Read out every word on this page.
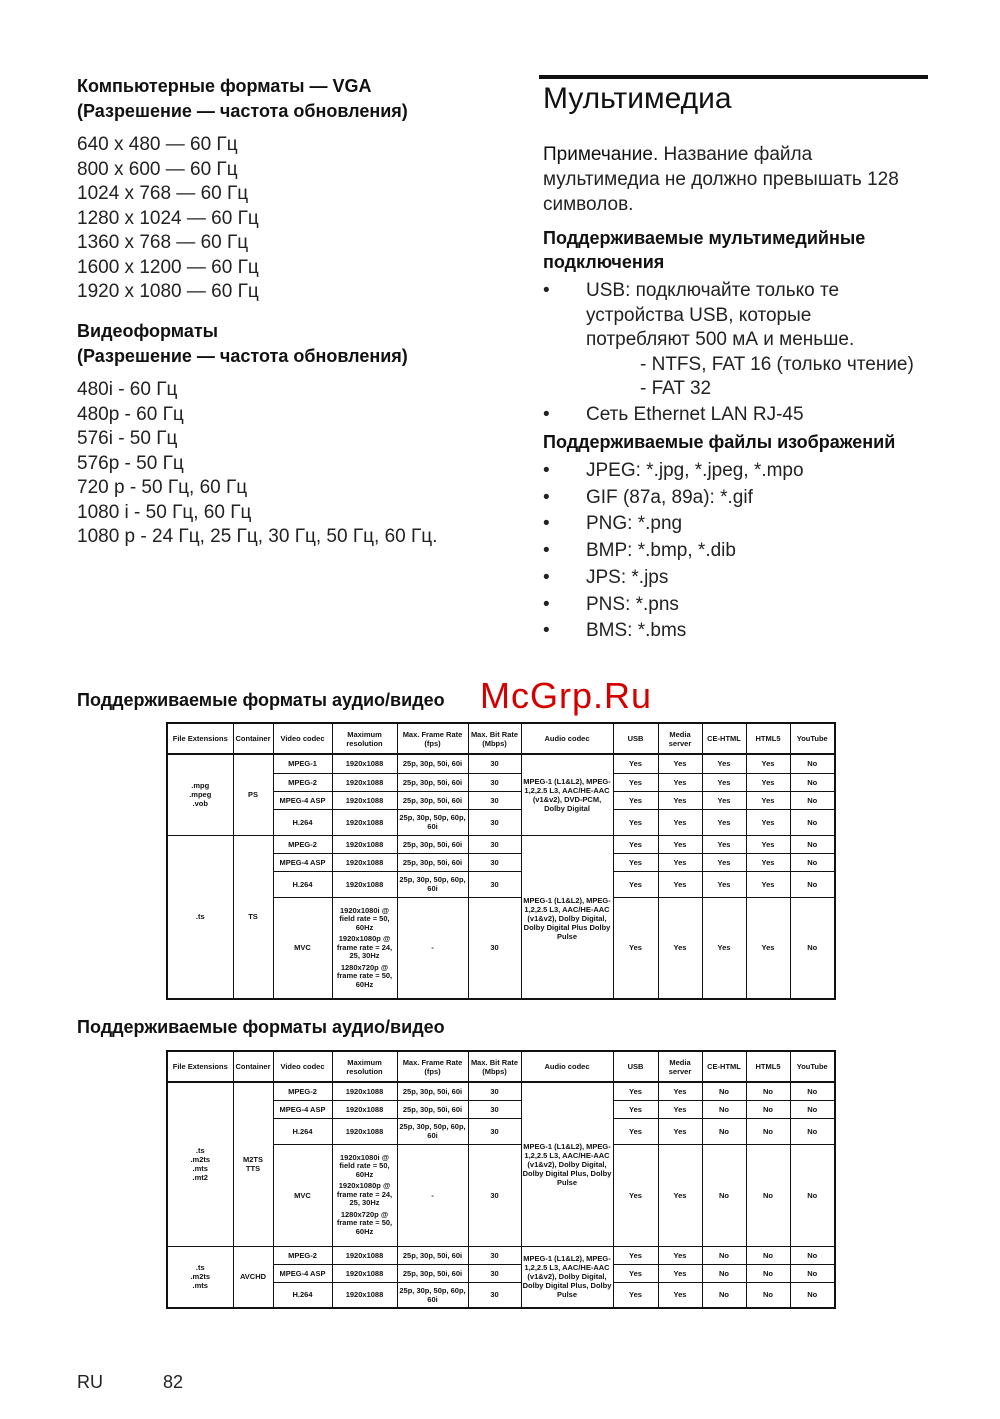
Компьютерные форматы — VGA
(Разрешение — частота обновления)
640 x 480 — 60 Гц
800 x 600 — 60 Гц
1024 x 768 — 60 Гц
1280 x 1024 — 60 Гц
1360 x 768 — 60 Гц
1600 x 1200 — 60 Гц
1920 x 1080 — 60 Гц
Видеоформаты
(Разрешение — частота обновления)
480i - 60 Гц
480p - 60 Гц
576i - 50 Гц
576p - 50 Гц
720 p - 50 Гц, 60 Гц
1080 i - 50 Гц, 60 Гц
1080 p - 24 Гц, 25 Гц, 30 Гц, 50 Гц, 60 Гц.
Мультимедиа
Примечание. Название файла мультимедиа не должно превышать 128 символов.
Поддерживаемые мультимедийные подключения
• USB: подключайте только те
устройства USB, которые
потребляют 500 мА и меньше.
- NTFS, FAT 16 (только чтение)
- FAT 32
• Сеть Ethernet LAN RJ-45
Поддерживаемые файлы изображений
• JPEG: *.jpg, *.jpeg, *.mpo
• GIF (87a, 89a): *.gif
• PNG: *.png
• BMP: *.bmp, *.dib
• JPS: *.jps
• PNS: *.pns
• BMS: *.bms
Поддерживаемые форматы аудио/видео
Поддерживаемые форматы аудио/видео
McGrp.Ru
RU	82
File Extensions	Container	Video codec	Maximum resolution	Max. Frame Rate (fps)	Max. Bit Rate (Mbps)	Audio codec	USB	Media server	CE-HTML	HTML5	YouTube
.mpg
.mpeg
.vob	PS	MPEG-1	1920x1088	25p, 30p, 50i, 60i	30	MPEG-1 (L1&L2), MPEG-1,2,2.5 L3, AAC/HE-AAC (v1&v2), DVD-PCM, Dolby Digital	Yes	Yes	Yes	Yes	No
		MPEG-2	1920x1088	25p, 30p, 50i, 60i	30		Yes	Yes	Yes	Yes	No
		MPEG-4 ASP	1920x1088	25p, 30p, 50i, 60i	30		Yes	Yes	Yes	Yes	No
		H.264	1920x1088	25p, 30p, 50p, 60p, 60i	30		Yes	Yes	Yes	Yes	No
.ts	TS	MPEG-2	1920x1088	25p, 30p, 50i, 60i	30	MPEG-1 (L1&L2), MPEG-1,2,2.5 L3, AAC/HE-AAC (v1&v2), Dolby Digital, Dolby Digital Plus Dolby Pulse	Yes	Yes	Yes	Yes	No
		MPEG-4 ASP	1920x1088	25p, 30p, 50i, 60i	30		Yes	Yes	Yes	Yes	No
		H.264	1920x1088	25p, 30p, 50p, 60p, 60i	30		Yes	Yes	Yes	Yes	No
		MVC	1920x1080i @ field rate = 50, 60Hz
1920x1080p @ frame rate = 24, 25, 30Hz
1280x720p @ frame rate = 50, 60Hz	-	30		Yes	Yes	Yes	Yes	No
File Extensions	Container	Video codec	Maximum resolution	Max. Frame Rate (fps)	Max. Bit Rate (Mbps)	Audio codec	USB	Media server	CE-HTML	HTML5	YouTube
.ts
.m2ts
.mts
.mt2	M2TS
TTS	MPEG-2	1920x1088	25p, 30p, 50i, 60i	30	MPEG-1 (L1&L2), MPEG-1,2,2.5 L3, AAC/HE-AAC (v1&v2), Dolby Digital, Dolby Digital Plus, Dolby Pulse	Yes	Yes	No	No	No
		MPEG-4 ASP	1920x1088	25p, 30p, 50i, 60i	30		Yes	Yes	No	No	No
		H.264	1920x1088	25p, 30p, 50p, 60p, 60i	30		Yes	Yes	No	No	No
		MVC	1920x1080i @ field rate = 50, 60Hz
1920x1080p @ frame rate = 24, 25, 30Hz
1280x720p @ frame rate = 50, 60Hz	-	30		Yes	Yes	No	No	No
.ts
.m2ts
.mts	AVCHD	MPEG-2	1920x1088	25p, 30p, 50i, 60i	30	MPEG-1 (L1&L2), MPEG-1,2,2.5 L3, AAC/HE-AAC (v1&v2), Dolby Digital, Dolby Digital Plus, Dolby Pulse	Yes	Yes	No	No	No
		MPEG-4 ASP	1920x1088	25p, 30p, 50i, 60i	30		Yes	Yes	No	No	No
		H.264	1920x1088	25p, 30p, 50p, 60p, 60i	30		Yes	Yes	No	No	No
